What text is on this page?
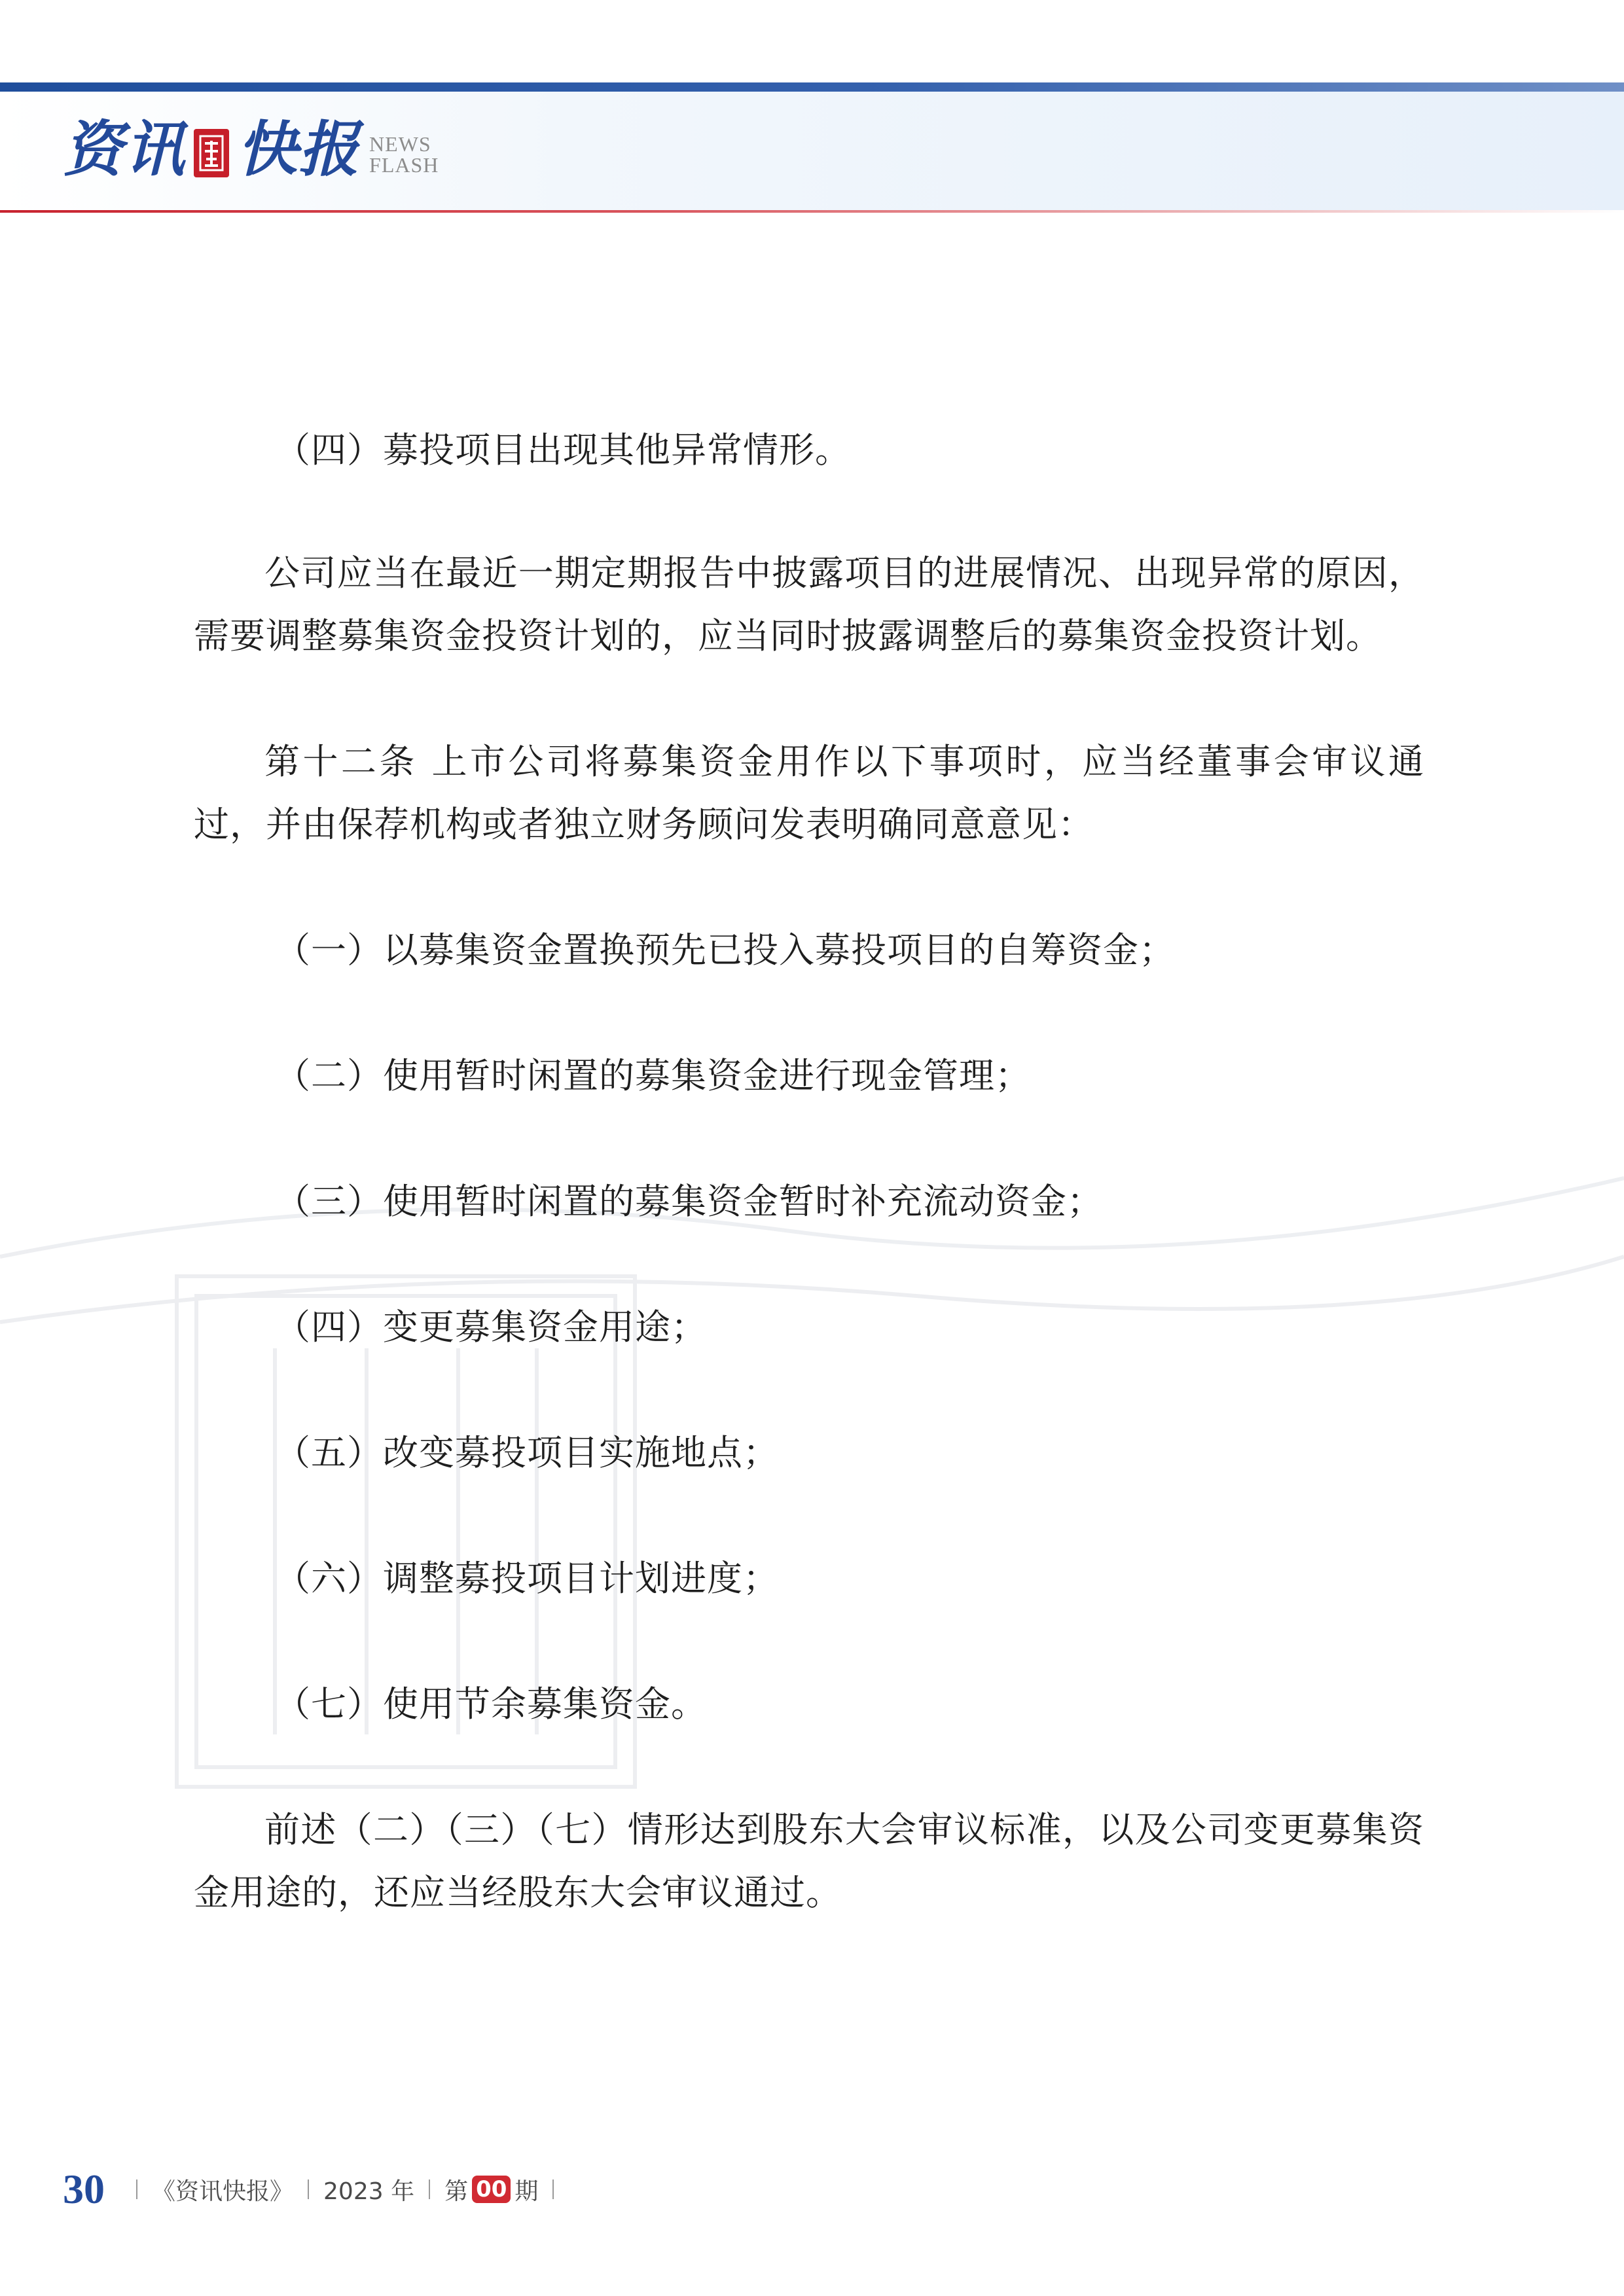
资讯 快报 NEWS
FLASH

（四）募投项目出现其他异常情形。

公司应当在最近一期定期报告中披露项目的进展情况、出现异常的原因，需要调整募集资金投资计划的，应当同时披露调整后的募集资金投资计划。

第十二条 上市公司将募集资金用作以下事项时，应当经董事会审议通过，并由保荐机构或者独立财务顾问发表明确同意意见：

（一）以募集资金置换预先已投入募投项目的自筹资金；

（二）使用暂时闲置的募集资金进行现金管理；

（三）使用暂时闲置的募集资金暂时补充流动资金；

（四）变更募集资金用途；

（五）改变募投项目实施地点；

（六）调整募投项目计划进度；

（七）使用节余募集资金。

前述（二）（三）（七）情形达到股东大会审议标准，以及公司变更募集资金用途的，还应当经股东大会审议通过。

30 《资讯快报》 2023 年 第 00 期
